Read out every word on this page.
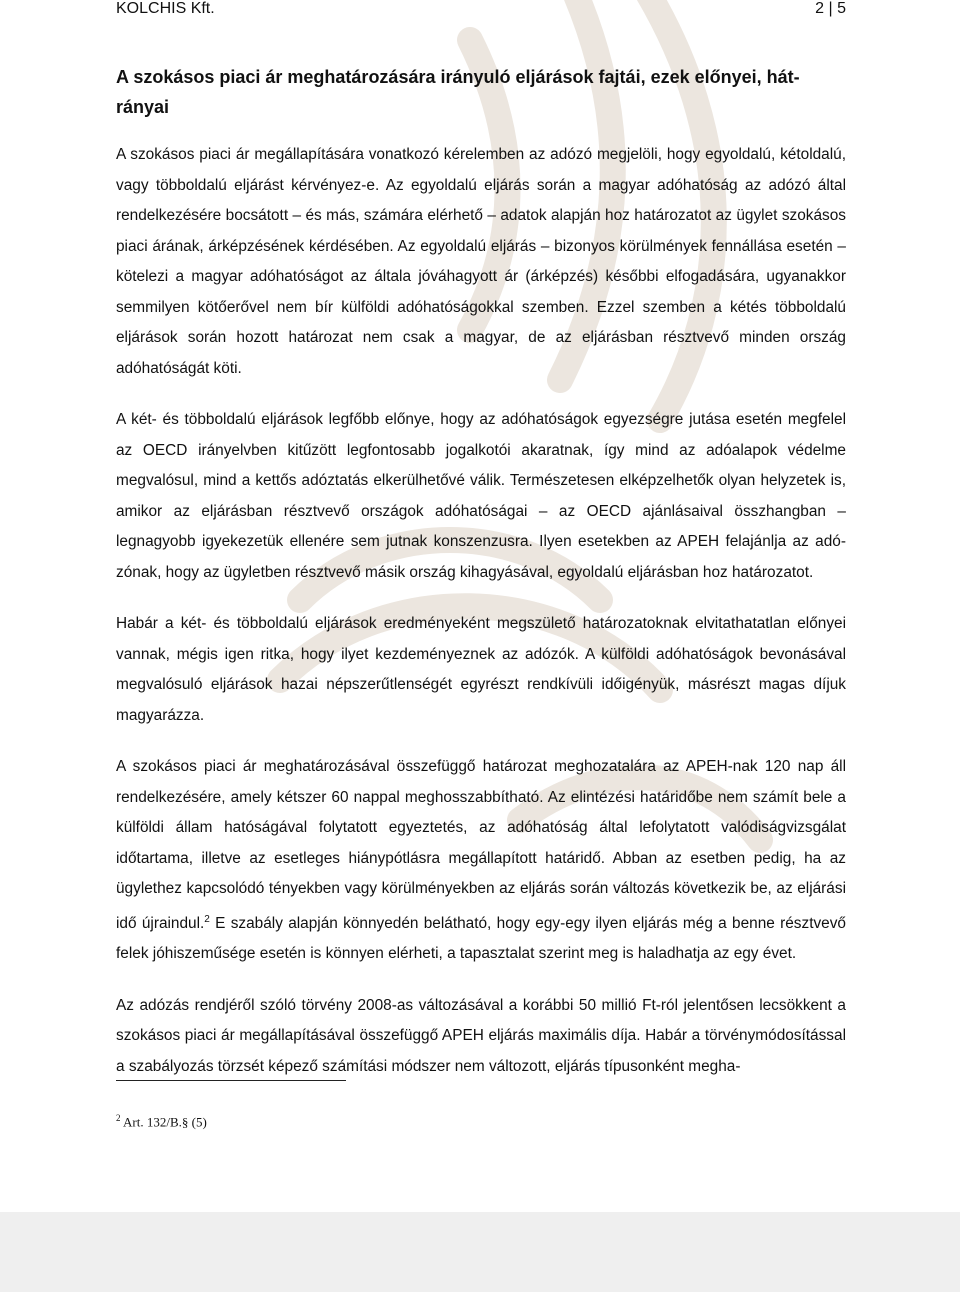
KOLCHIS Kft.	2 | 5
A szokásos piaci ár meghatározására irányuló eljárások fajtái, ezek előnyei, hátrányai

A szokásos piaci ár megállapítására vonatkozó kérelemben az adózó megjelöli, hogy egyoldalú, kétoldalú, vagy többoldalú eljárást kérvényez-e. Az egyoldalú eljárás során a magyar adóhatóság az adózó által rendelkezésére bocsátott – és más, számára elérhető – adatok alapján hoz határozatot az ügylet szokásos piaci árának, árképzésének kérdésében. Az egyoldalú eljárás – bizonyos körülmények fennállása esetén – kötelezi a magyar adóhatóságot az általa jóváhagyott ár (árképzés) későbbi elfogadására, ugyanakkor semmilyen kötőerővel nem bír külföldi adóhatóságokkal szemben. Ezzel szemben a kétés többoldalú eljárások során hozott határozat nem csak a magyar, de az eljárásban résztvevő minden ország adóhatóságát köti.

A két- és többoldalú eljárások legfőbb előnye, hogy az adóhatóságok egyezségre jutása esetén megfelel az OECD irányelvben kitűzött legfontosabb jogalkotói akaratnak, így mind az adóalapok védelme megvalósul, mind a kettős adóztatás elkerülhetővé válik. Természetesen elképzelhetők olyan helyzetek is, amikor az eljárásban résztvevő országok adóhatóságai – az OECD ajánlásaival összhangban – legnagyobb igyekezetük ellenére sem jutnak konszenzusra. Ilyen esetekben az APEH felajánlja az adózónak, hogy az ügyletben résztvevő másik ország kihagyásával, egyoldalú eljárásban hoz határozatot.

Habár a két- és többoldalú eljárások eredményeként megszülető határozatoknak elvitathatatlan előnyei vannak, mégis igen ritka, hogy ilyet kezdeményeznek az adózók. A külföldi adóhatóságok bevonásával megvalósuló eljárások hazai népszerűtlenségét egyrészt rendkívüli időigényük, másrészt magas díjuk magyarázza.

A szokásos piaci ár meghatározásával összefüggő határozat meghozatalára az APEH-nak 120 nap áll rendelkezésére, amely kétszer 60 nappal meghosszabbítható. Az elintézési határidőbe nem számít bele a külföldi állam hatóságával folytatott egyeztetés, az adóhatóság által lefolytatott valódiságvizsgálat időtartama, illetve az esetleges hiánypótlásra megállapított határidő. Abban az esetben pedig, ha az ügylethez kapcsolódó tényekben vagy körülményekben az eljárás során változás következik be, az eljárási idő újraindul.$^2$ E szabály alapján könnyedén belátható, hogy egy-egy ilyen eljárás még a benne résztvevő felek jóhiszeműsége esetén is könnyen elérheti, a tapasztalat szerint meg is haladhatja az egy évet.

Az adózás rendjéről szóló törvény 2008-as változásával a korábbi 50 millió Ft-ról jelentősen lecsökkent a szokásos piaci ár megállapításával összefüggő APEH eljárás maximális díja. Habár a törvénymódosítással a szabályozás törzsét képező számítási módszer nem változott, eljárás típusonként megha-

$^2$ Art. 132/B.§ (5)
